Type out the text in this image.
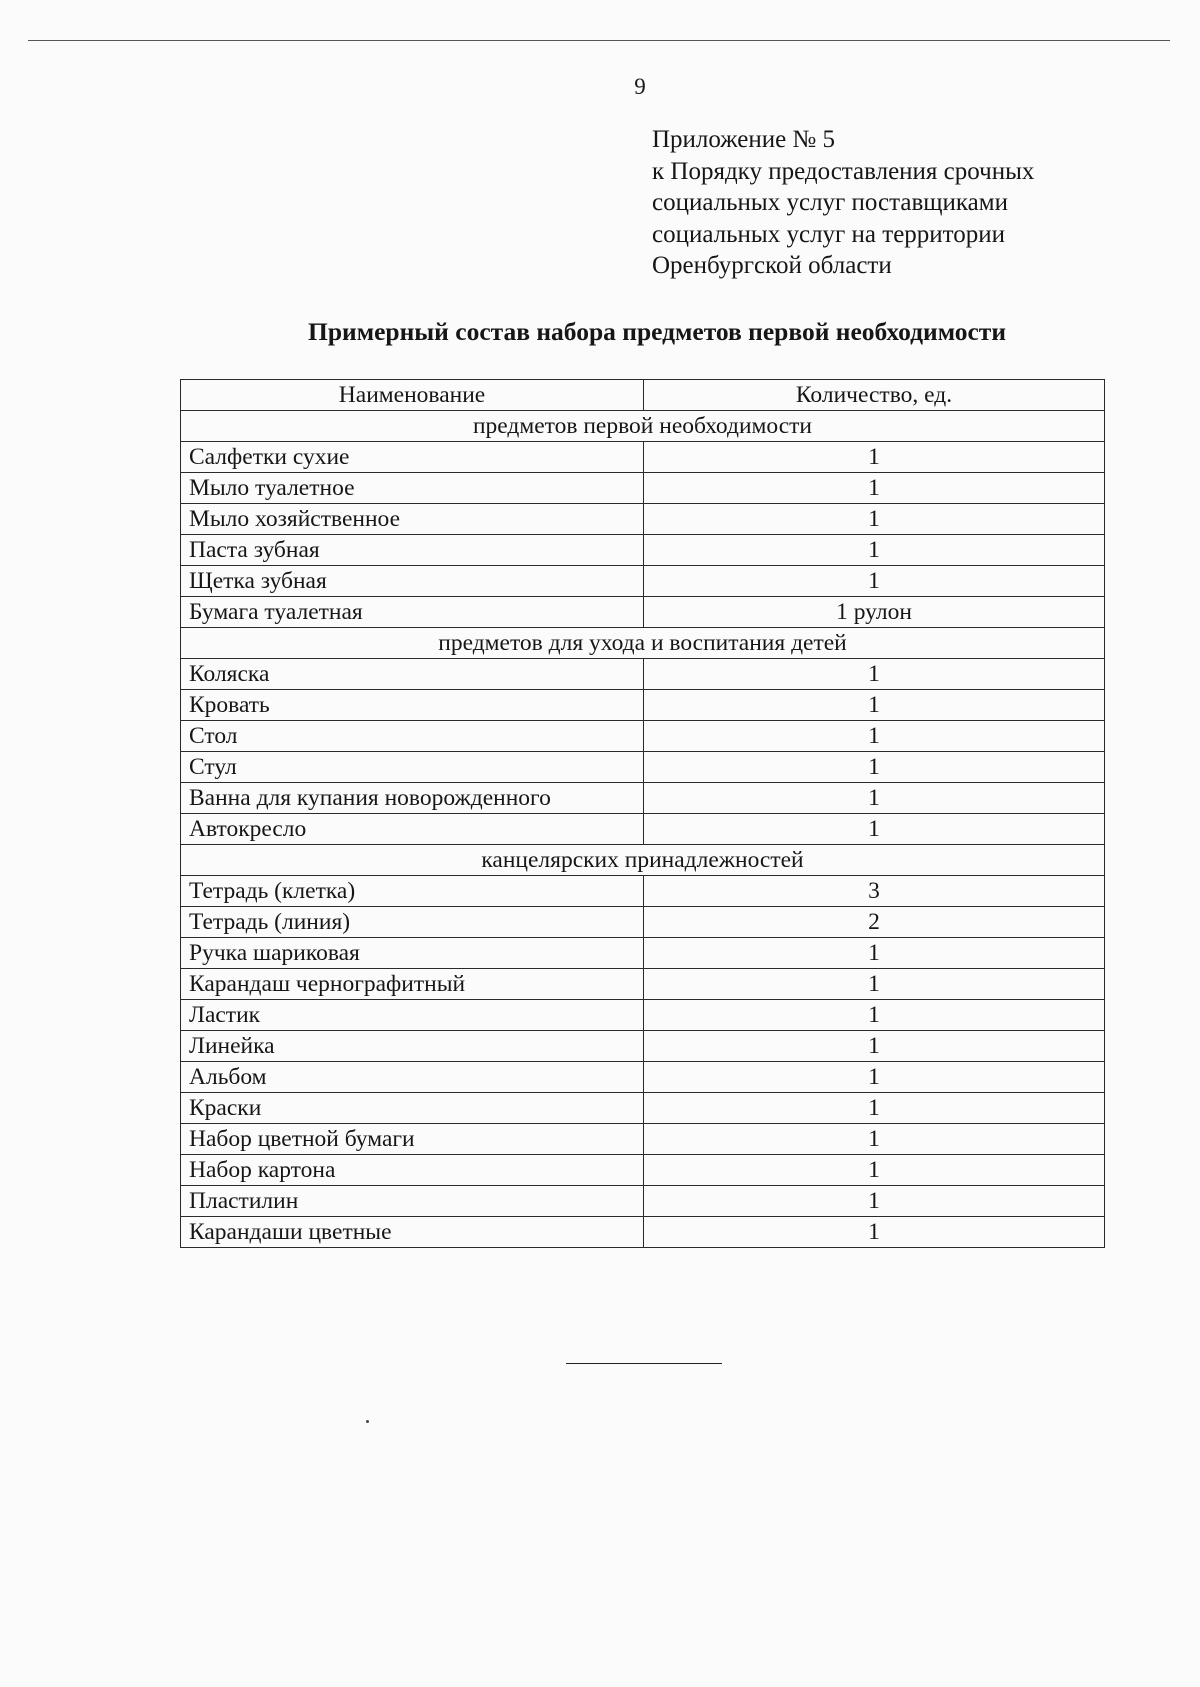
9
Приложение № 5
к Порядку предоставления срочных
социальных услуг поставщиками
социальных услуг на территории
Оренбургской области
Примерный состав набора предметов первой необходимости
Наименование	Количество, ед.
предметов первой необходимости	
Салфетки сухие	1
Мыло туалетное	1
Мыло хозяйственное	1
Паста зубная	1
Щетка зубная	1
Бумага туалетная	1 рулон
предметов для ухода и воспитания детей	
Коляска	1
Кровать	1
Стол	1
Стул	1
Ванна для купания новорожденного	1
Автокресло	1
канцелярских принадлежностей	
Тетрадь (клетка)	3
Тетрадь (линия)	2
Ручка шариковая	1
Карандаш чернографитный	1
Ластик	1
Линейка	1
Альбом	1
Краски	1
Набор цветной бумаги	1
Набор картона	1
Пластилин	1
Карандаши цветные	1
